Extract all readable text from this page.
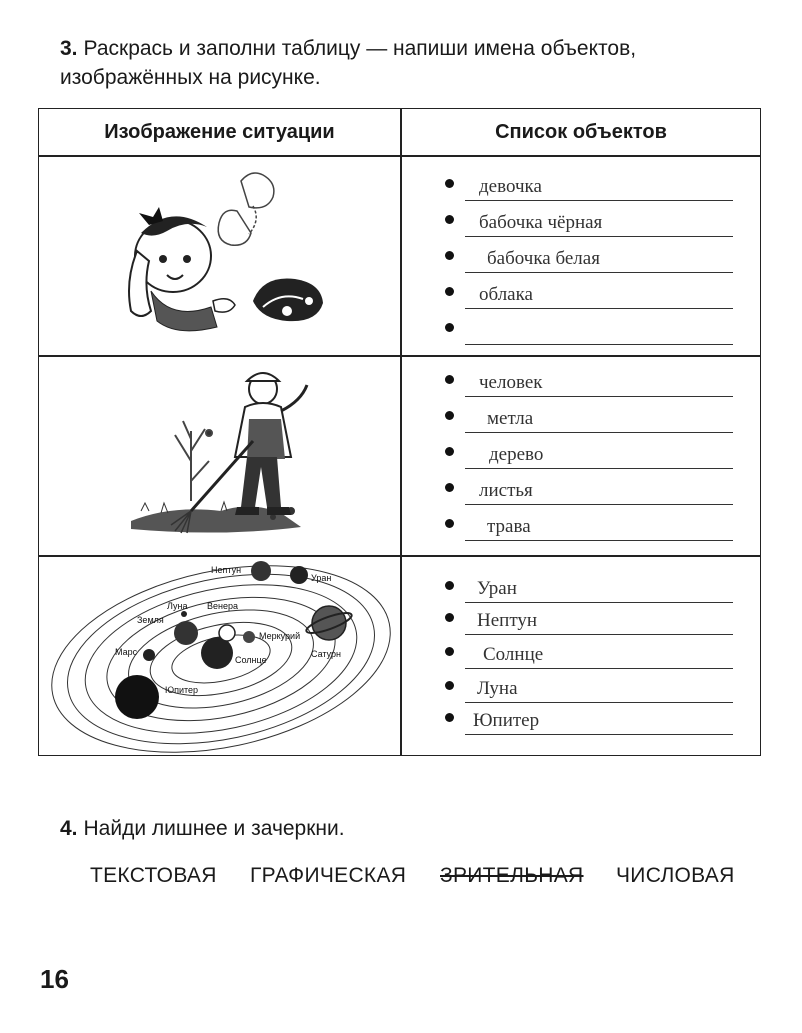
3. Раскрась и заполни таблицу — напиши имена объектов, изображённых на рисунке.
Изображение ситуации	Список объектов
девочка
бабочка чёрная
бабочка белая
облака
человек
метла
дерево
листья
трава
Нептун
Уран
Луна Венера
Земля
Меркурий
Марс
Солнце
Сатурн
Юпитер
Уран
Нептун
Солнце
Луна
Юпитер
4. Найди лишнее и зачеркни.
ТЕКСТОВАЯ ГРАФИЧЕСКАЯ ЗРИТЕЛЬНАЯ ЧИСЛОВАЯ
16
